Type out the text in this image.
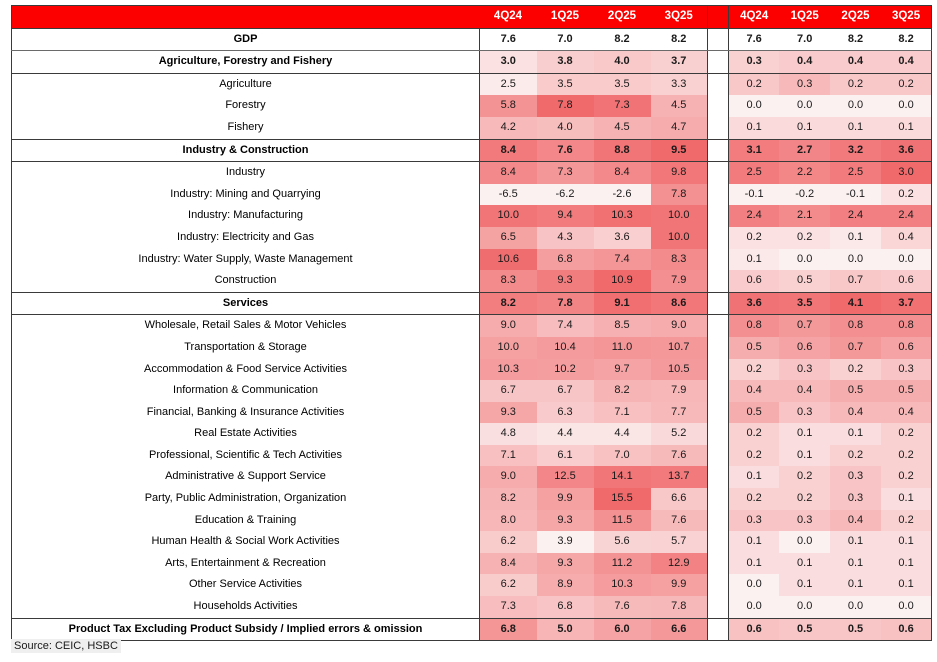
	4Q24	1Q25	2Q25	3Q25		4Q24	1Q25	2Q25	3Q25
GDP	7.6	7.0	8.2	8.2		7.6	7.0	8.2	8.2
Agriculture, Forestry and Fishery	3.0	3.8	4.0	3.7		0.3	0.4	0.4	0.4
Agriculture	2.5	3.5	3.5	3.3		0.2	0.3	0.2	0.2
Forestry	5.8	7.8	7.3	4.5		0.0	0.0	0.0	0.0
Fishery	4.2	4.0	4.5	4.7		0.1	0.1	0.1	0.1
Industry & Construction	8.4	7.6	8.8	9.5		3.1	2.7	3.2	3.6
Industry	8.4	7.3	8.4	9.8		2.5	2.2	2.5	3.0
Industry: Mining and Quarrying	-6.5	-6.2	-2.6	7.8		-0.1	-0.2	-0.1	0.2
Industry: Manufacturing	10.0	9.4	10.3	10.0		2.4	2.1	2.4	2.4
Industry: Electricity and Gas	6.5	4.3	3.6	10.0		0.2	0.2	0.1	0.4
Industry: Water Supply, Waste Management	10.6	6.8	7.4	8.3		0.1	0.0	0.0	0.0
Construction	8.3	9.3	10.9	7.9		0.6	0.5	0.7	0.6
Services	8.2	7.8	9.1	8.6		3.6	3.5	4.1	3.7
Wholesale, Retail Sales & Motor Vehicles	9.0	7.4	8.5	9.0		0.8	0.7	0.8	0.8
Transportation & Storage	10.0	10.4	11.0	10.7		0.5	0.6	0.7	0.6
Accommodation & Food Service Activities	10.3	10.2	9.7	10.5		0.2	0.3	0.2	0.3
Information & Communication	6.7	6.7	8.2	7.9		0.4	0.4	0.5	0.5
Financial, Banking & Insurance Activities	9.3	6.3	7.1	7.7		0.5	0.3	0.4	0.4
Real Estate Activities	4.8	4.4	4.4	5.2		0.2	0.1	0.1	0.2
Professional, Scientific & Tech Activities	7.1	6.1	7.0	7.6		0.2	0.1	0.2	0.2
Administrative & Support Service	9.0	12.5	14.1	13.7		0.1	0.2	0.3	0.2
Party, Public Administration, Organization	8.2	9.9	15.5	6.6		0.2	0.2	0.3	0.1
Education & Training	8.0	9.3	11.5	7.6		0.3	0.3	0.4	0.2
Human Health & Social Work Activities	6.2	3.9	5.6	5.7		0.1	0.0	0.1	0.1
Arts, Entertainment & Recreation	8.4	9.3	11.2	12.9		0.1	0.1	0.1	0.1
Other Service Activities	6.2	8.9	10.3	9.9		0.0	0.1	0.1	0.1
Households Activities	7.3	6.8	7.6	7.8		0.0	0.0	0.0	0.0
Product Tax Excluding Product Subsidy / Implied errors & omission	6.8	5.0	6.0	6.6		0.6	0.5	0.5	0.6
Source: CEIC, HSBC
